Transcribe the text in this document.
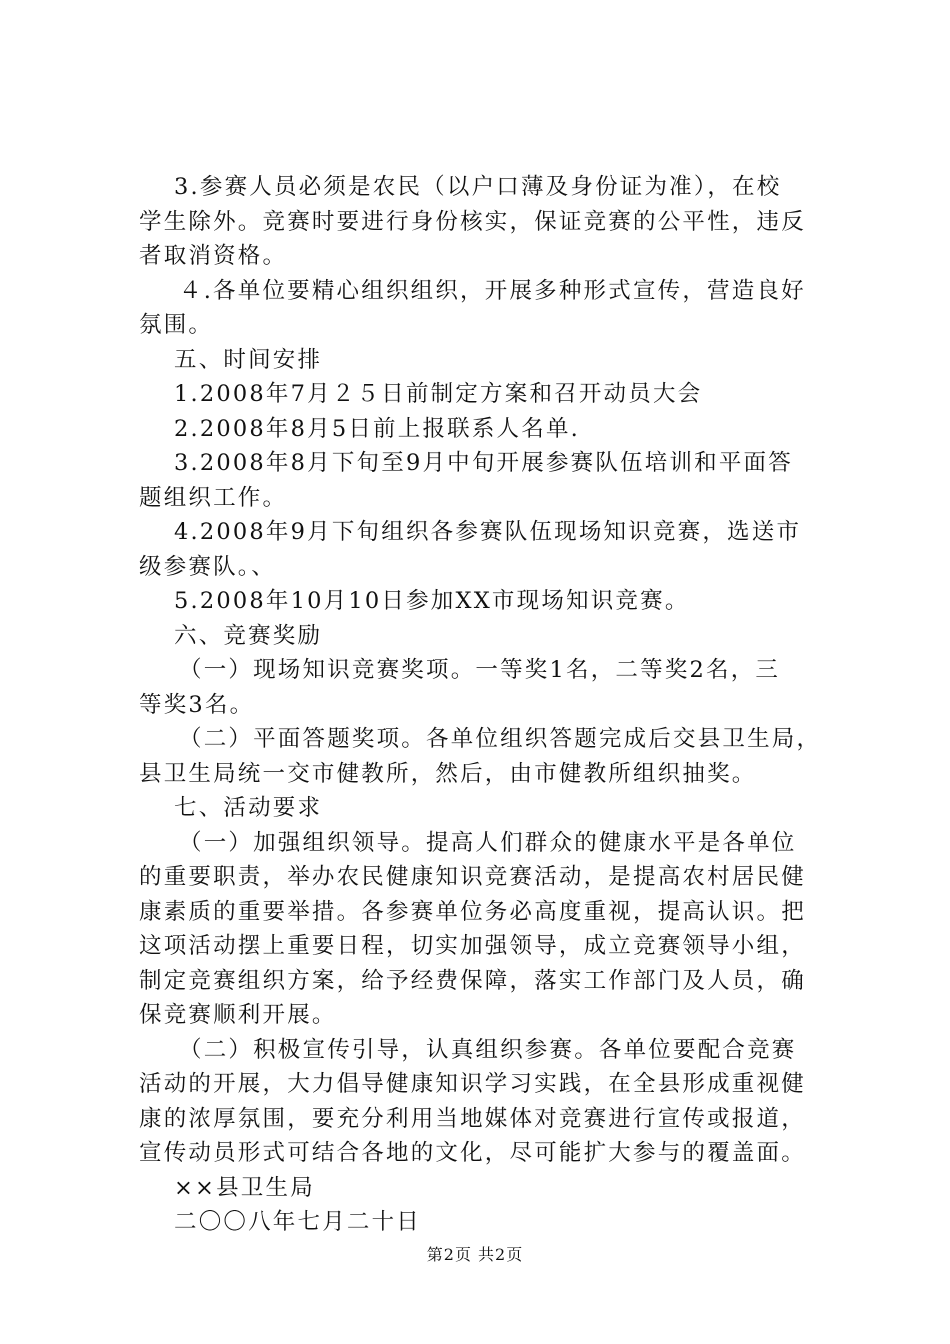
3.参赛人员必须是农民（以户口薄及身份证为准），在校
学生除外。竞赛时要进行身份核实，保证竞赛的公平性，违反
者取消资格。
４.各单位要精心组织组织，开展多种形式宣传，营造良好
氛围。
五、时间安排
1.2008年7月２５日前制定方案和召开动员大会
2.2008年8月5日前上报联系人名单.
3.2008年8月下旬至9月中旬开展参赛队伍培训和平面答
题组织工作。
4.2008年9月下旬组织各参赛队伍现场知识竞赛，选送市
级参赛队。、
5.2008年10月10日参加XX市现场知识竞赛。
六、竞赛奖励
（一）现场知识竞赛奖项。一等奖1名，二等奖2名，三
等奖3名。
（二）平面答题奖项。各单位组织答题完成后交县卫生局，
县卫生局统一交市健教所，然后，由市健教所组织抽奖。
七、活动要求
（一）加强组织领导。提高人们群众的健康水平是各单位
的重要职责，举办农民健康知识竞赛活动，是提高农村居民健
康素质的重要举措。各参赛单位务必高度重视，提高认识。把
这项活动摆上重要日程，切实加强领导，成立竞赛领导小组，
制定竞赛组织方案，给予经费保障，落实工作部门及人员，确
保竞赛顺利开展。
（二）积极宣传引导，认真组织参赛。各单位要配合竞赛
活动的开展，大力倡导健康知识学习实践，在全县形成重视健
康的浓厚氛围，要充分利用当地媒体对竞赛进行宣传或报道，
宣传动员形式可结合各地的文化，尽可能扩大参与的覆盖面。
××县卫生局
二〇〇八年七月二十日
第2页 共2页
